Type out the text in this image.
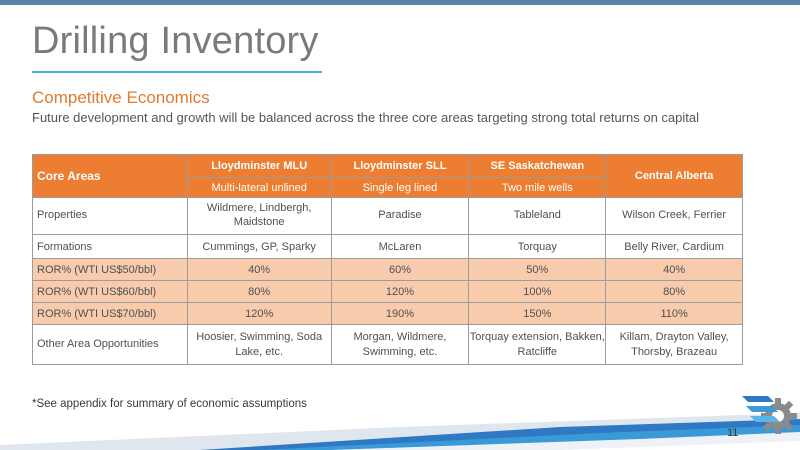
Drilling Inventory
Competitive Economics
Future development and growth will be balanced across the three core areas targeting strong total returns on capital
Core Areas	Lloydminster MLU	Lloydminster SLL	SE Saskatchewan	Central Alberta
	Multi-lateral unlined	Single leg lined	Two mile wells	
Properties	Wildmere, Lindbergh, Maidstone	Paradise	Tableland	Wilson Creek, Ferrier
Formations	Cummings, GP, Sparky	McLaren	Torquay	Belly River, Cardium
ROR% (WTI US$50/bbl)	40%	60%	50%	40%
ROR% (WTI US$60/bbl)	80%	120%	100%	80%
ROR% (WTI US$70/bbl)	120%	190%	150%	110%
Other Area Opportunities	Hoosier, Swimming, Soda Lake, etc.	Morgan, Wildmere, Swimming, etc.	Torquay extension, Bakken, Ratcliffe	Killam, Drayton Valley, Thorsby, Brazeau
*See appendix for summary of economic assumptions
11
